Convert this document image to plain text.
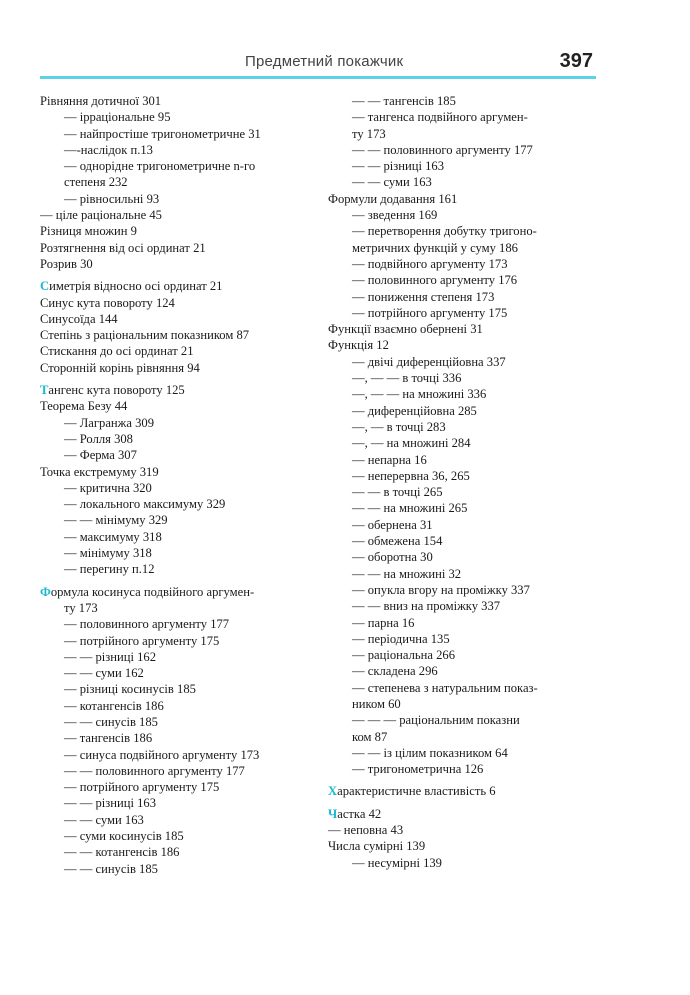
Предметний покажчик	397
Рівняння дотичної 301
— ірраціональне 95
— найпростіше тригонометричне 31
—-наслідок п.13
— однорідне тригонометричне n-го
степеня 232
— рівносильні 93
— ціле раціональне 45
Різниця множин 9
Розтягнення від осі ординат 21
Розрив 30
Симетрія відносно осі ординат 21
Синус кута повороту 124
Синусоїда 144
Степінь з раціональним показником 87
Стискання до осі ординат 21
Сторонній корінь рівняння 94
Тангенс кута повороту 125
Теорема Безу 44
— Лагранжа 309
— Ролля 308
— Ферма 307
Точка екстремуму 319
— критична 320
— локального максимуму 329
— — мінімуму 329
— максимуму 318
— мінімуму 318
— перегину п.12
Формула косинуса подвійного аргумен-
ту 173
— половинного аргументу 177
— потрійного аргументу 175
— — різниці 162
— — суми 162
— різниці косинусів 185
— котангенсів 186
— — синусів 185
— тангенсів 186
— синуса подвійного аргументу 173
— — половинного аргументу 177
— потрійного аргументу 175
— — різниці 163
— — суми 163
— суми косинусів 185
— — котангенсів 186
— — синусів 185
— — тангенсів 185
— тангенса подвійного аргумен-
ту 173
— — половинного аргументу 177
— — різниці 163
— — суми 163
Формули додавання 161
— зведення 169
— перетворення добутку тригоно-
метричних функцій у суму 186
— подвійного аргументу 173
— половинного аргументу 176
— пониження степеня 173
— потрійного аргументу 175
Функції взаємно обернені 31
Функція 12
— двічі диференційовна 337
—, — — в точці 336
—, — — на множині 336
— диференційовна 285
—, — в точці 283
—, — на множині 284
— непарна 16
— неперервна 36, 265
— — в точці 265
— — на множині 265
— обернена 31
— обмежена 154
— оборотна 30
— — на множині 32
— опукла вгору на проміжку 337
— — вниз на проміжку 337
— парна 16
— періодична 135
— раціональна 266
— складена 296
— степенева з натуральним показ-
ником 60
— — — раціональним показни
ком 87
— — із цілим показником 64
— тригонометрична 126
Характеристичне властивість 6
Частка 42
— неповна 43
Числа сумірні 139
— несумірні 139
